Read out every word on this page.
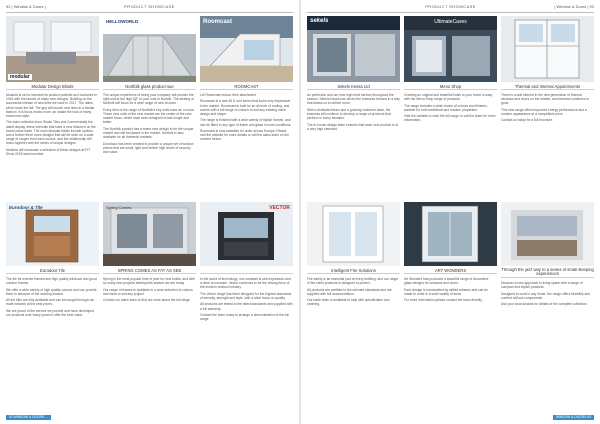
92 | Window & Doors |	PRODUCT SHOWCASE
modular
Modular Design Blinds
Modular is set to increase its product portfolio as it launches in 2018 with the launch of many new designs. Building on the successful release of new lines we have in 2017. The dates, which mark the fall. The guy will launch new lines in a similar fashion. It is focus marks more, an shade the look of many brand new style.
The main collection from Studio Tiles and Commercially the latest display, these intervals that have a new relaunch on the brand name trade. The main Modular blinds include options and a further three more designs that will be seen on a wide range of ranges from each source, and the relationship will focus together with the series of unique designs.
Modular will showcase a selection of these designs at FIT Show 2018 stand number.
HELLOWORLD
Nortfolk glass product sue
The unique experience of being your company will provide the right unit at the high IQF of your look in Norfolk. The dealing of Nortfolk will focus for a wide range of new choices.
Every item of the range of Nortfolk's tiny units have an i-e-look. These new units of the new market are the centre of the new market focus, which have been designed to last longer and better.
The Nortfolk product has a brand new design to be the unique market and will be placed in the market. Nortfolk is also available for all domestic markets.
Doordaco has been created to provide a unique set of window pieces that are small, light and deliver high levels of security and value.
Roomcast
ROOMCAST
Let Roomcast reduce their attachment.
Roomcast is a new lift & roof series that looks very impressive in the market. Roomcast is built for an all level of roofing, and comes with a full range of colours to suit any existing home design and shape.
The range is finished with a wide variety of stylish frames, and can be fitted to any type of frame and glass in most conditions.
Roomcast is now available for order across Europe. Please visit the website for more details or call the sales team on the number below.
Eurodoor & Tile
Eurodoor Tile
The tile for exterior frames and high quality windows and good outdoor frames.
We offer a wide variety of high quality colours and can provide them in advance of the working season.
All the tiles are fully available and can be bought through our trade network at the best prices.
We are proud of the service we provide and have developed our products over many years to offer the best value.
Spring Comes
SPRING COMES AS FAT AS SEE
Spring is the most popular time of year for new builds, and with so many new projects starting this season we are ready.
Our range of frames is available in a wide selection of colours and sizes to suit any project.
Contact our sales team to find out more about the full range.
VECTOR
In the world of technology, one constant is self-expression and a drive to innovate. Vector continues to be the driving force of the modern window industry.
The Vector range has been designed for the highest standards of security, strength and style, with a clear focus on quality.
All products are tested to the latest standards and supplied with a full warranty.
Contact the team today to arrange a demonstration of the full range.
92 WINDOW & DOORS ...
PRODUCT SHOWCASE	| Window & Doors | 93
sekels
Sekels Kessa Ltd
As perfection and our new high level service throughout the season, Sekels Kessa has driven the business forward in a way that allows us to deliver more.
With a dedicated team and a growing customer base, the business will continue to develop a range of products that perform in every situation.
The in-house design team ensures that each new product is of a very high standard.
UltimateCases
Menu Shop
Creating an original and beautiful finish to your home is easy with the Menu Shop range of products.
The range includes a wide choice of colours and finishes, suitable for both traditional and modern properties.
Visit the website to view the full range or call the team for more information.
Thermal and Internal Appointments
There is a real interest in the new generation of thermal windows and doors on the market, and demand continues to grow.
This new range offers improved energy performance and a modern appearance at a competitive price.
Contact us today for a full brochure.
Intelligent Fire Solutions
Fire safety is an essential part of every building, and our range of fire-rated products is designed to protect.
All products are certified to the relevant standards and are supplied with full documentation.
Our trade team is available to help with specification and ordering.
ART WONDERS
Art Wonders has produced a beautiful range of decorative glass designs for windows and doors.
Each design is handcrafted by skilled artisans and can be made to order in a wide variety of sizes.
For more information please contact the team directly.
Through the jazz way to a series of small sleeping experiences
Discover a new approach to living space with a range of compact and stylish products.
Designed to work in any home, the range offers flexibility and comfort without compromise.
Ask your local stockist for details of the complete collection.
WINDOW & DOORS 93
